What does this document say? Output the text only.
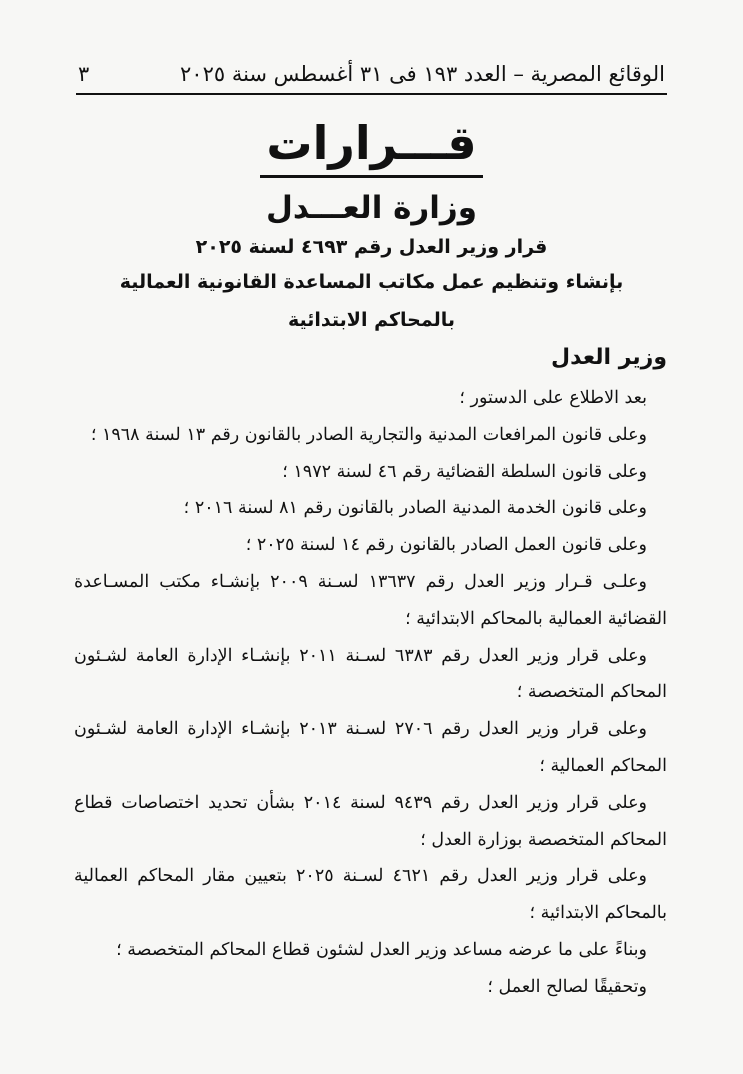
الوقائع المصرية – العدد ١٩٣ فى ٣١ أغسطس سنة ٢٠٢٥
٣
قـــرارات
وزارة العـــدل
قرار وزير العدل رقم ٤٦٩٣ لسنة ٢٠٢٥
بإنشاء وتنظيم عمل مكاتب المساعدة القانونية العمالية
بالمحاكم الابتدائية
وزير العدل

بعد الاطلاع على الدستور ؛

وعلى قانون المرافعات المدنية والتجارية الصادر بالقانون رقم ١٣ لسنة ١٩٦٨ ؛

وعلى قانون السلطة القضائية رقم ٤٦ لسنة ١٩٧٢ ؛

وعلى قانون الخدمة المدنية الصادر بالقانون رقم ٨١ لسنة ٢٠١٦ ؛

وعلى قانون العمل الصادر بالقانون رقم ١٤ لسنة ٢٠٢٥ ؛

وعلـى قـرار وزير العدل رقم ١٣٦٣٧ لسـنة ٢٠٠٩ بإنشـاء مكتب المسـاعدة القضائية العمالية بالمحاكم الابتدائية ؛

وعلى قرار وزير العدل رقم ٦٣٨٣ لسـنة ٢٠١١ بإنشـاء الإدارة العامة لشـئون المحاكم المتخصصة ؛

وعلى قرار وزير العدل رقم ٢٧٠٦ لسـنة ٢٠١٣ بإنشـاء الإدارة العامة لشـئون المحاكم العمالية ؛

وعلى قرار وزير العدل رقم ٩٤٣٩ لسنة ٢٠١٤ بشأن تحديد اختصاصات قطاع المحاكم المتخصصة بوزارة العدل ؛

وعلى قرار وزير العدل رقم ٤٦٢١ لسـنة ٢٠٢٥ بتعيين مقار المحاكم العمالية بالمحاكم الابتدائية ؛

وبناءً على ما عرضه مساعد وزير العدل لشئون قطاع المحاكم المتخصصة ؛

وتحقيقًا لصالح العمل ؛
